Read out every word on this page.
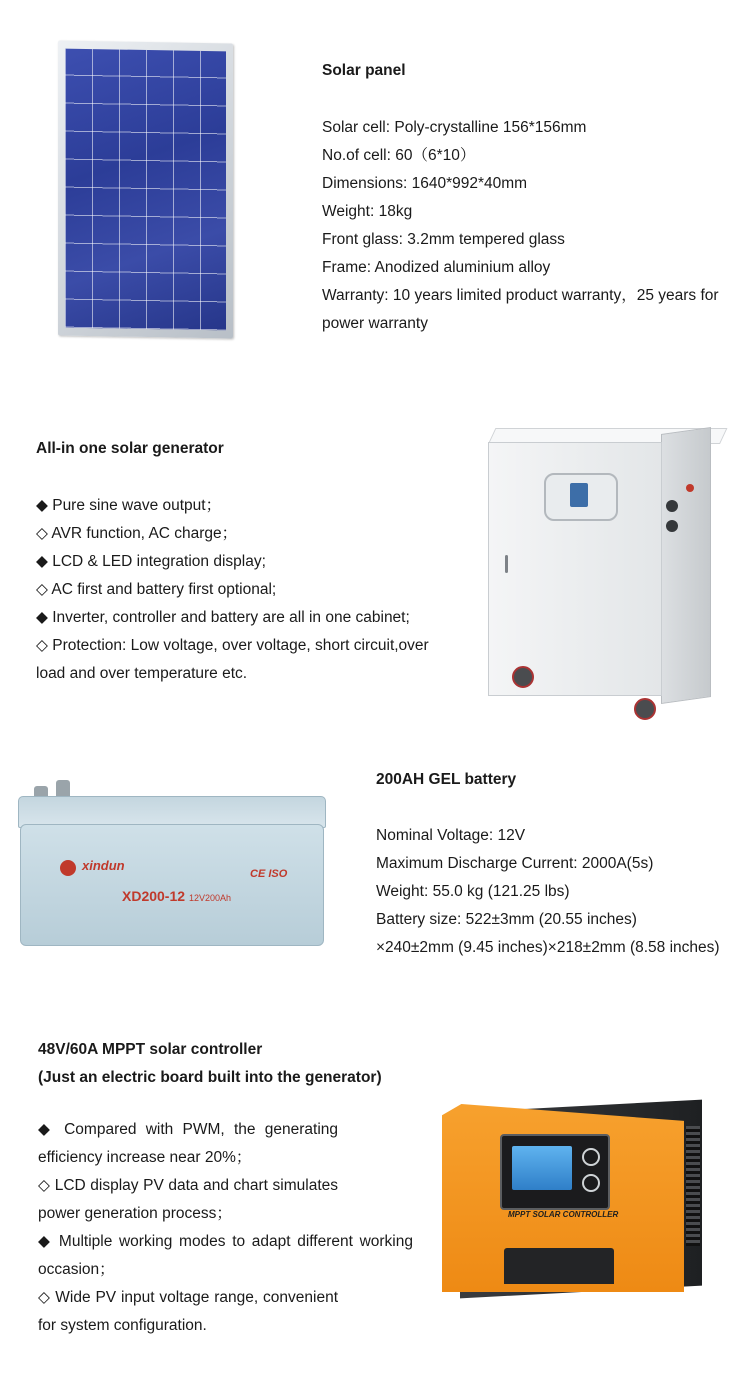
Solar panel
Solar cell: Poly-crystalline 156*156mm
No.of cell: 60（6*10）
Dimensions: 1640*992*40mm
Weight: 18kg
Front glass: 3.2mm tempered glass
Frame: Anodized aluminium alloy
Warranty: 10 years limited product warranty，25 years for power warranty
All-in one solar generator
◆ Pure sine wave output；
◇ AVR function, AC charge；
◆ LCD & LED integration display;
◇ AC first and battery first optional;
◆ Inverter, controller and battery are all in one cabinet;
◇ Protection: Low voltage, over voltage, short circuit,over load and over temperature etc.
xindun
CE ISO
XD200-12 12V200Ah
200AH GEL battery
Nominal Voltage: 12V
Maximum Discharge Current: 2000A(5s)
Weight: 55.0 kg (121.25 lbs)
Battery size: 522±3mm (20.55 inches)
×240±2mm (9.45 inches)×218±2mm (8.58 inches)
48V/60A MPPT solar controller
(Just an electric board built into the generator)
◆ Compared with PWM, the generating efficiency increase near 20%；
◇ LCD display PV data and chart simulates power generation process；
◆ Multiple working modes to adapt different working occasion；
◇ Wide PV input voltage range, convenient for system configuration.
MPPT SOLAR CONTROLLER
